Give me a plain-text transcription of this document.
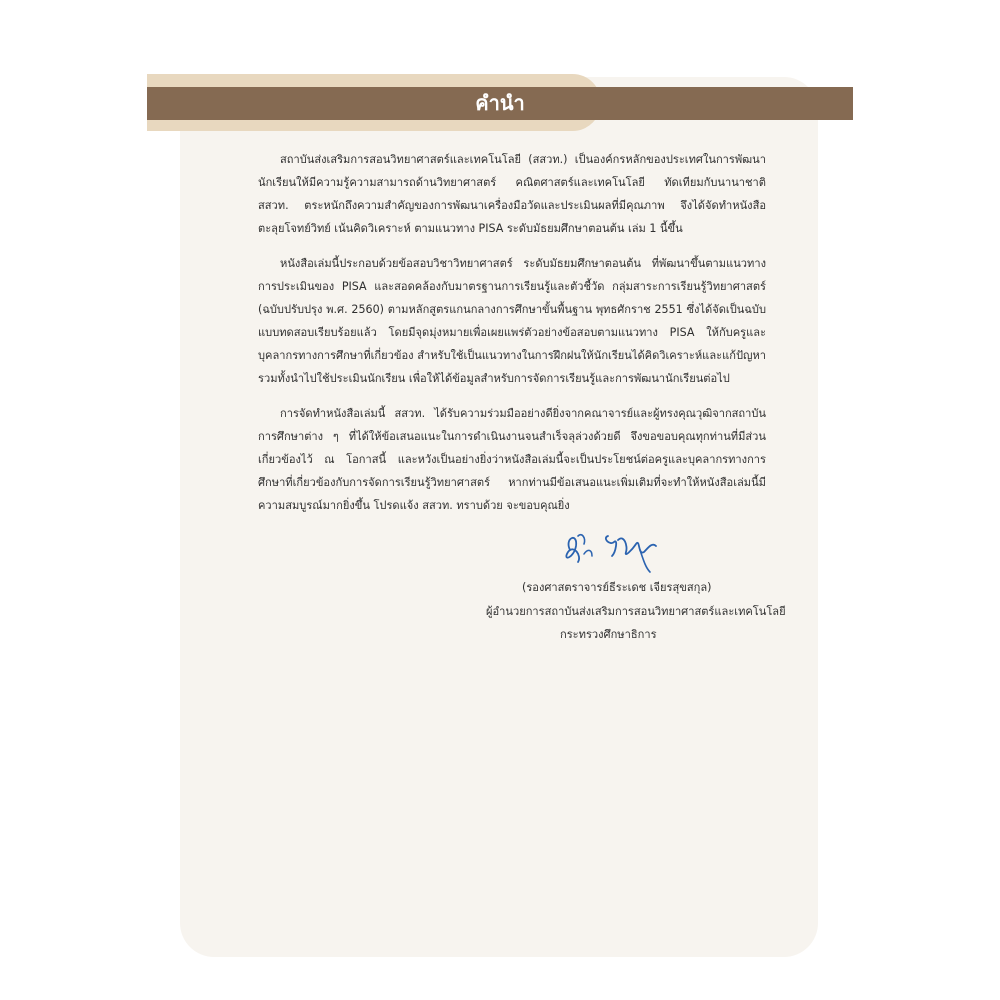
คำนำ

สถาบันส่งเสริมการสอนวิทยาศาสตร์และเทคโนโลยี (สสวท.) เป็นองค์กรหลักของประเทศในการพัฒนานักเรียนให้มีความรู้ความสามารถด้านวิทยาศาสตร์ คณิตศาสตร์และเทคโนโลยี ทัดเทียมกับนานาชาติ สสวท. ตระหนักถึงความสำคัญของการพัฒนาเครื่องมือวัดและประเมินผลที่มีคุณภาพ จึงได้จัดทำหนังสือตะลุยโจทย์วิทย์ เน้นคิดวิเคราะห์ ตามแนวทาง PISA ระดับมัธยมศึกษาตอนต้น เล่ม 1 นี้ขึ้น

หนังสือเล่มนี้ประกอบด้วยข้อสอบวิชาวิทยาศาสตร์ ระดับมัธยมศึกษาตอนต้น ที่พัฒนาขึ้นตามแนวทางการประเมินของ PISA และสอดคล้องกับมาตรฐานการเรียนรู้และตัวชี้วัด กลุ่มสาระการเรียนรู้วิทยาศาสตร์ (ฉบับปรับปรุง พ.ศ. 2560) ตามหลักสูตรแกนกลางการศึกษาขั้นพื้นฐาน พุทธศักราช 2551 ซึ่งได้จัดเป็นฉบับแบบทดสอบเรียบร้อยแล้ว โดยมีจุดมุ่งหมายเพื่อเผยแพร่ตัวอย่างข้อสอบตามแนวทาง PISA ให้กับครูและบุคลากรทางการศึกษาที่เกี่ยวข้อง สำหรับใช้เป็นแนวทางในการฝึกฝนให้นักเรียนได้คิดวิเคราะห์และแก้ปัญหา รวมทั้งนำไปใช้ประเมินนักเรียน เพื่อให้ได้ข้อมูลสำหรับการจัดการเรียนรู้และการพัฒนานักเรียนต่อไป

การจัดทำหนังสือเล่มนี้ สสวท. ได้รับความร่วมมืออย่างดียิ่งจากคณาจารย์และผู้ทรงคุณวุฒิจากสถาบันการศึกษาต่าง ๆ ที่ได้ให้ข้อเสนอแนะในการดำเนินงานจนสำเร็จลุล่วงด้วยดี จึงขอขอบคุณทุกท่านที่มีส่วนเกี่ยวข้องไว้ ณ โอกาสนี้ และหวังเป็นอย่างยิ่งว่าหนังสือเล่มนี้จะเป็นประโยชน์ต่อครูและบุคลากรทางการศึกษาที่เกี่ยวข้องกับการจัดการเรียนรู้วิทยาศาสตร์ หากท่านมีข้อเสนอแนะเพิ่มเติมที่จะทำให้หนังสือเล่มนี้มีความสมบูรณ์มากยิ่งขึ้น โปรดแจ้ง สสวท. ทราบด้วย จะขอบคุณยิ่ง

(รองศาสตราจารย์ธีระเดช เจียรสุขสกุล)
ผู้อำนวยการสถาบันส่งเสริมการสอนวิทยาศาสตร์และเทคโนโลยี
กระทรวงศึกษาธิการ
